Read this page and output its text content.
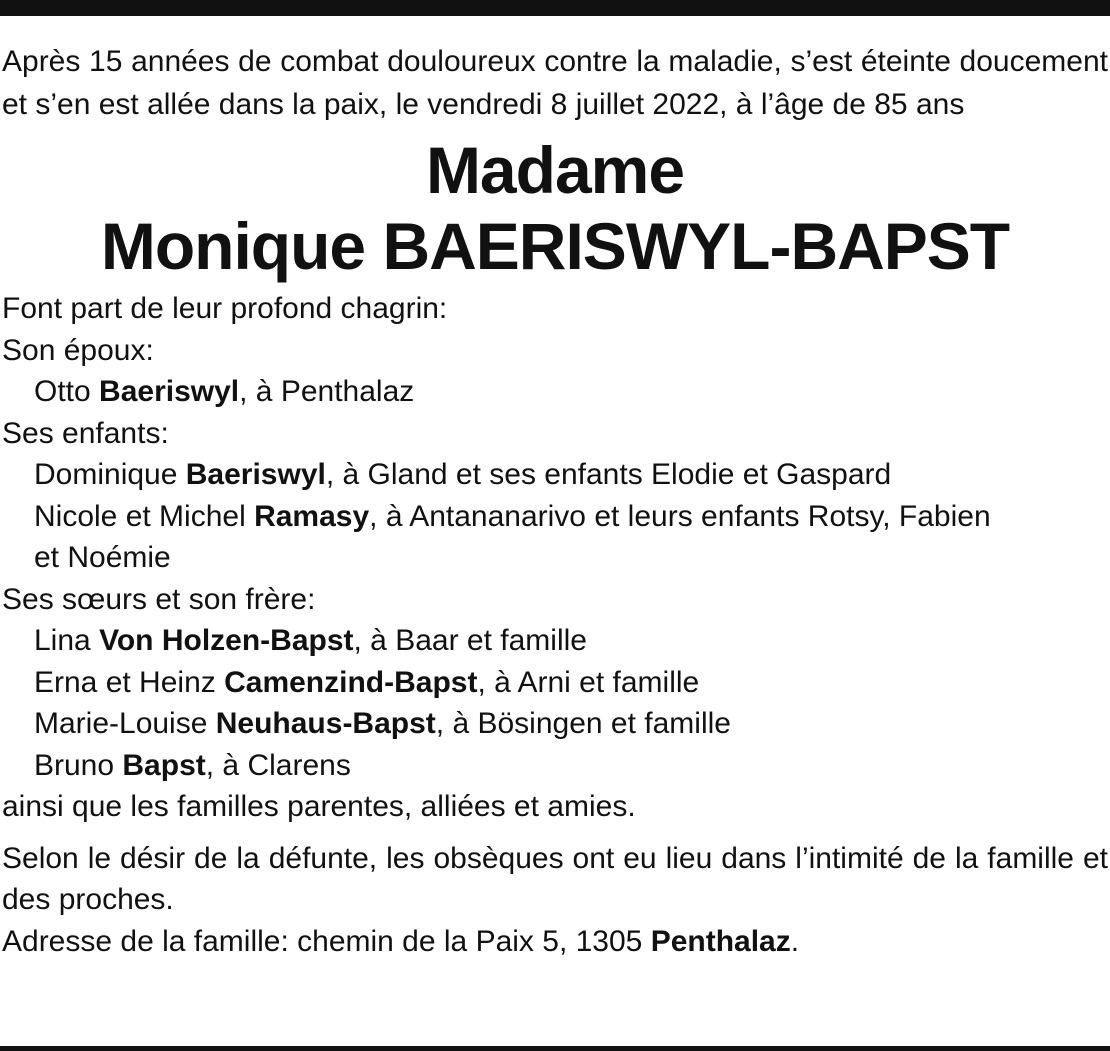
Après 15 années de combat douloureux contre la maladie, s’est éteinte doucement et s’en est allée dans la paix, le vendredi 8 juillet 2022, à l’âge de 85 ans

Madame
Monique BAERISWYL-BAPST
Font part de leur profond chagrin:
Son époux:
Otto Baeriswyl, à Penthalaz
Ses enfants:
Dominique Baeriswyl, à Gland et ses enfants Elodie et Gaspard
Nicole et Michel Ramasy, à Antananarivo et leurs enfants Rotsy, Fabien
et Noémie
Ses sœurs et son frère:
Lina Von Holzen-Bapst, à Baar et famille
Erna et Heinz Camenzind-Bapst, à Arni et famille
Marie-Louise Neuhaus-Bapst, à Bösingen et famille
Bruno Bapst, à Clarens
ainsi que les familles parentes, alliées et amies.

Selon le désir de la défunte, les obsèques ont eu lieu dans l’intimité de la famille et des proches.

Adresse de la famille: chemin de la Paix 5, 1305 Penthalaz.
